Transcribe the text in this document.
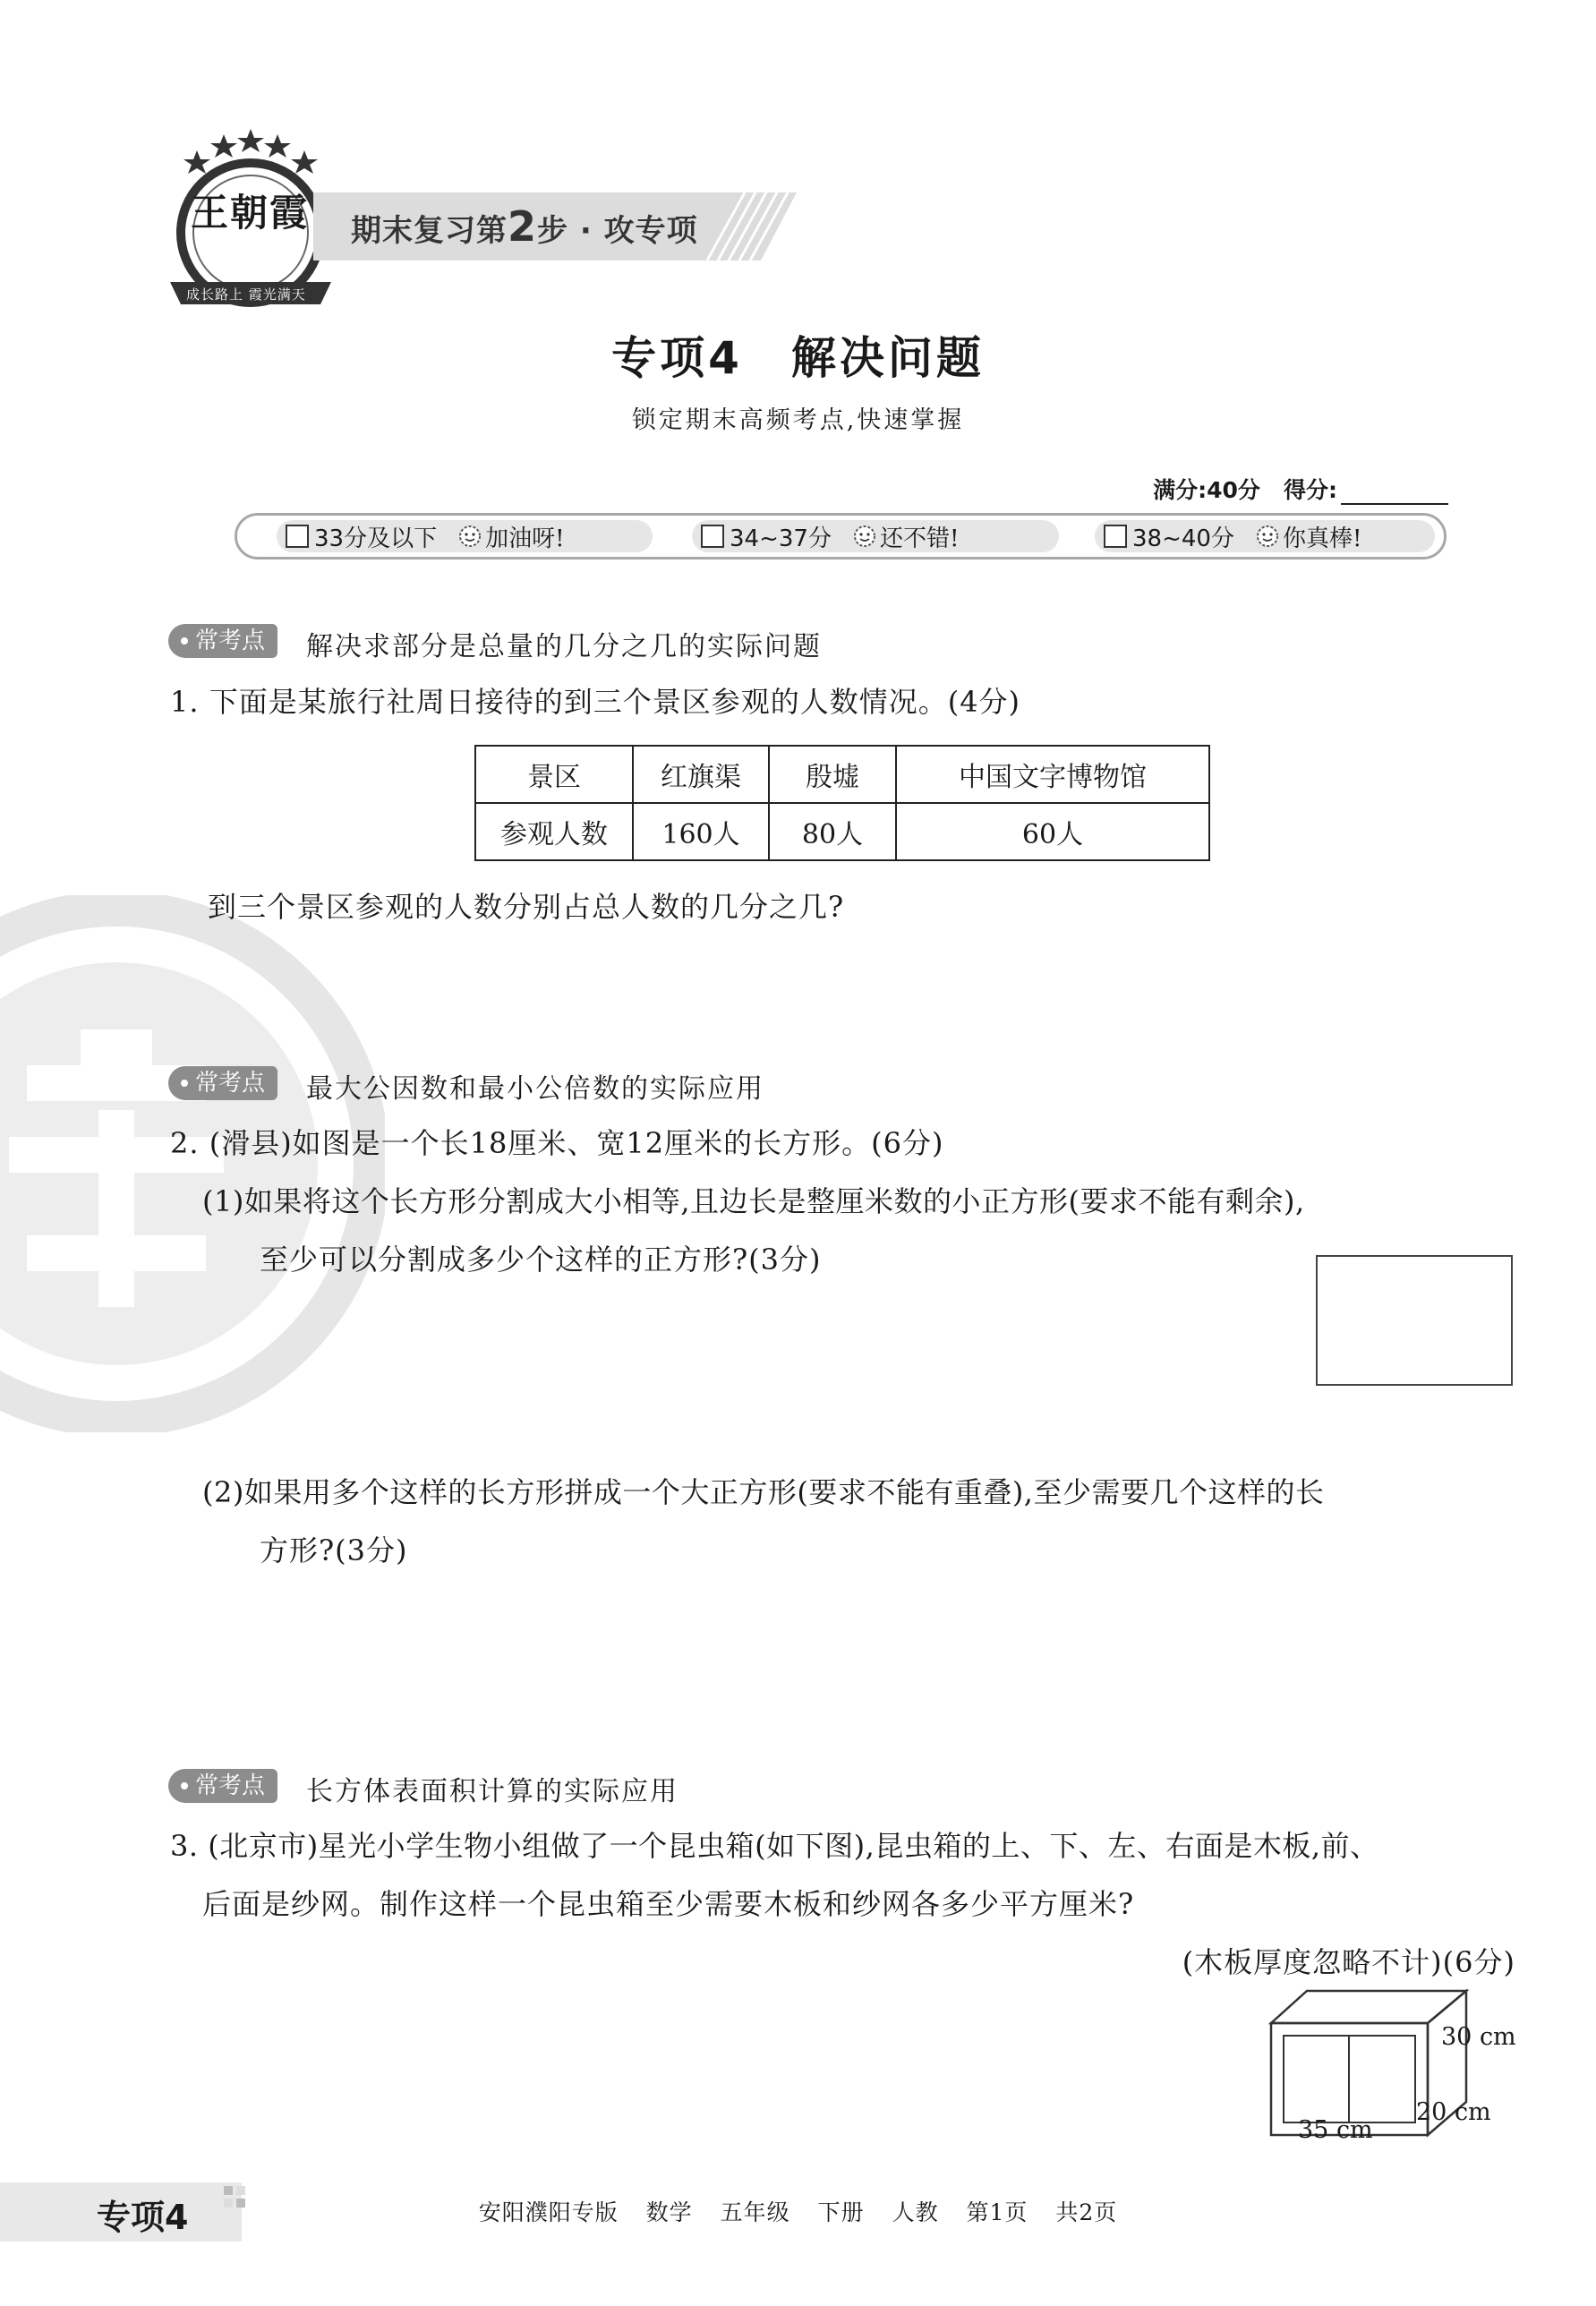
王朝霞
成长路上 霞光满天
期末复习第2步 · 攻专项
专项4　解决问题
锁定期末高频考点,快速掌握
满分:40分 得分:
33分及以下 加油呀!	34~37分 还不错!	38~40分 你真棒!
常考点	解决求部分是总量的几分之几的实际问题
1. 下面是某旅行社周日接待的到三个景区参观的人数情况。(4分)
景区	红旗渠	殷墟	中国文字博物馆
参观人数	160人	80人	60人
到三个景区参观的人数分别占总人数的几分之几?
常考点	最大公因数和最小公倍数的实际应用
2. (滑县)如图是一个长18厘米、宽12厘米的长方形。(6分)
(1)如果将这个长方形分割成大小相等,且边长是整厘米数的小正方形(要求不能有剩余),
至少可以分割成多少个这样的正方形?(3分)
(2)如果用多个这样的长方形拼成一个大正方形(要求不能有重叠),至少需要几个这样的长
方形?(3分)
常考点	长方体表面积计算的实际应用
3. (北京市)星光小学生物小组做了一个昆虫箱(如下图),昆虫箱的上、下、左、右面是木板,前、
后面是纱网。制作这样一个昆虫箱至少需要木板和纱网各多少平方厘米?
(木板厚度忽略不计)(6分)
30 cm
20 cm
35 cm
专项4	安阳濮阳专版 数学 五年级 下册 人教 第1页 共2页
